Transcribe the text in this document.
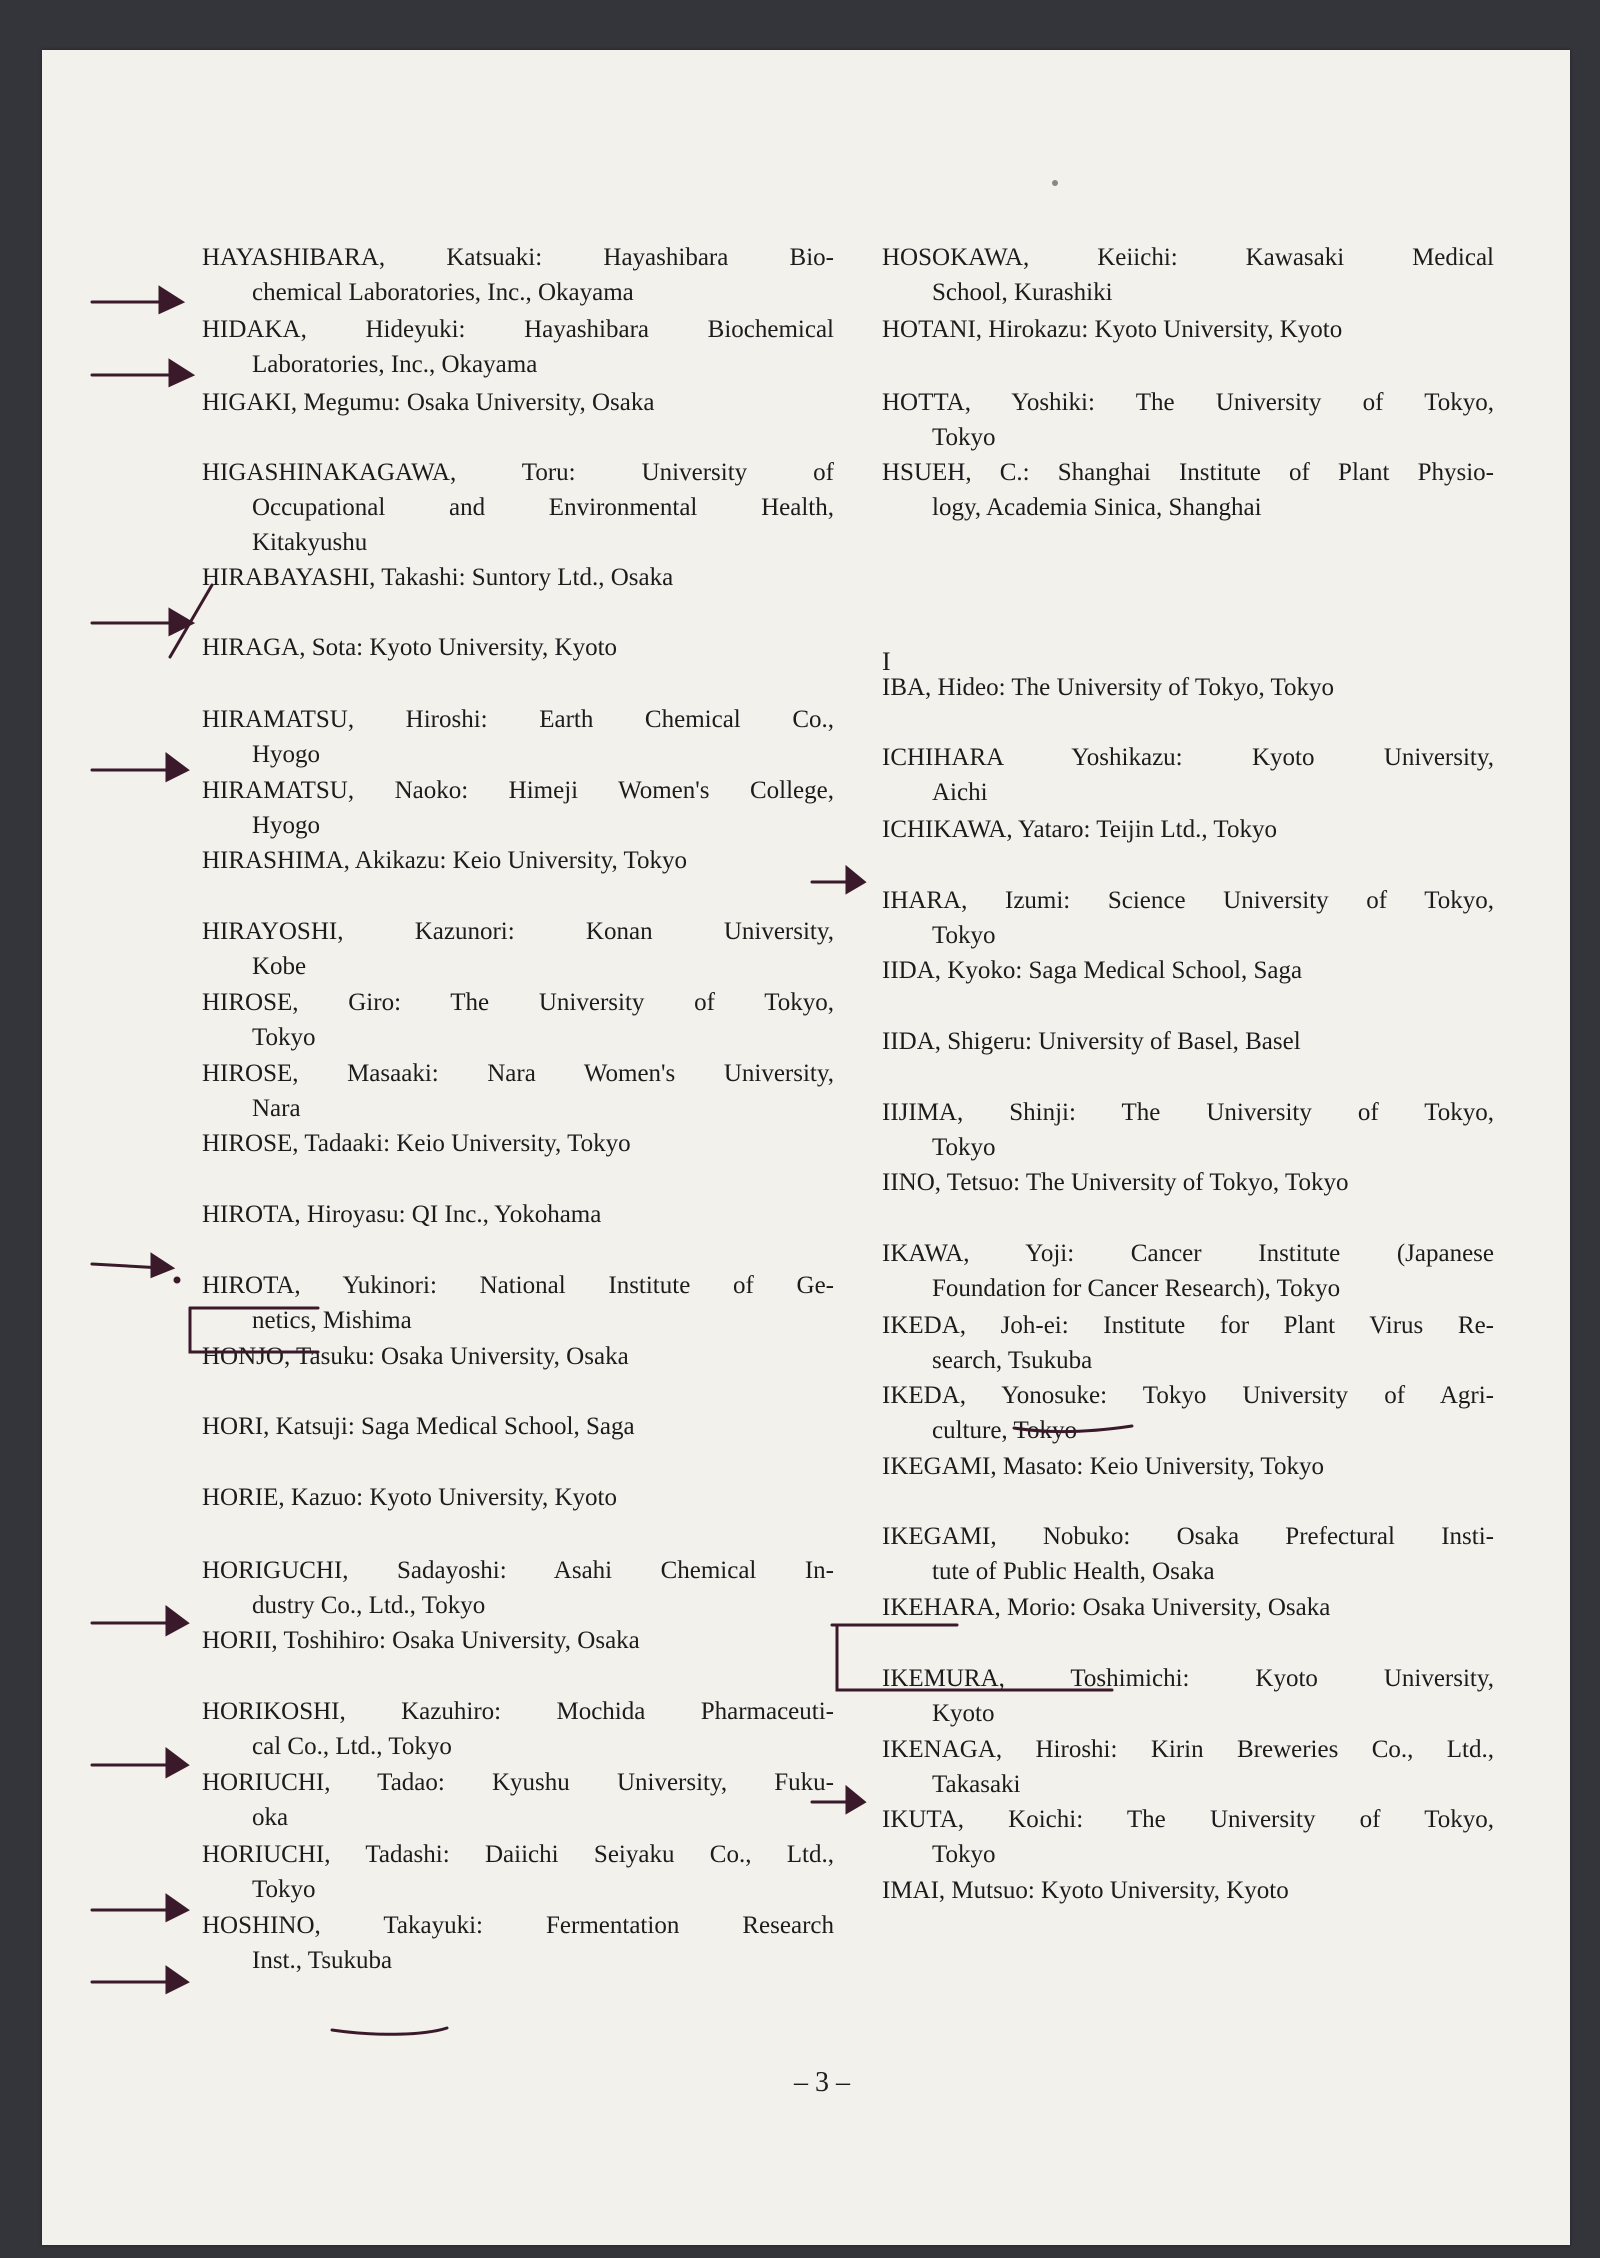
HAYASHIBARA, Katsuaki: Hayashibara Bio-
chemical Laboratories, Inc., Okayama
HIDAKA, Hideyuki: Hayashibara Biochemical
Laboratories, Inc., Okayama
HIGAKI, Megumu: Osaka University, Osaka
HIGASHINAKAGAWA, Toru: University of
Occupational and Environmental Health,
Kitakyushu
HIRABAYASHI, Takashi: Suntory Ltd., Osaka
HIRAGA, Sota: Kyoto University, Kyoto
HIRAMATSU, Hiroshi: Earth Chemical Co.,
Hyogo
HIRAMATSU, Naoko: Himeji Women's College,
Hyogo
HIRASHIMA, Akikazu: Keio University, Tokyo
HIRAYOSHI, Kazunori: Konan University,
Kobe
HIROSE, Giro: The University of Tokyo,
Tokyo
HIROSE, Masaaki: Nara Women's University,
Nara
HIROSE, Tadaaki: Keio University, Tokyo
HIROTA, Hiroyasu: QI Inc., Yokohama
HIROTA, Yukinori: National Institute of Ge-
netics, Mishima
HONJO, Tasuku: Osaka University, Osaka
HORI, Katsuji: Saga Medical School, Saga
HORIE, Kazuo: Kyoto University, Kyoto
HORIGUCHI, Sadayoshi: Asahi Chemical In-
dustry Co., Ltd., Tokyo
HORII, Toshihiro: Osaka University, Osaka
HORIKOSHI, Kazuhiro: Mochida Pharmaceuti-
cal Co., Ltd., Tokyo
HORIUCHI, Tadao: Kyushu University, Fuku-
oka
HORIUCHI, Tadashi: Daiichi Seiyaku Co., Ltd.,
Tokyo
HOSHINO, Takayuki: Fermentation Research
Inst., Tsukuba
I
HOSOKAWA, Keiichi: Kawasaki Medical
School, Kurashiki
HOTANI, Hirokazu: Kyoto University, Kyoto
HOTTA, Yoshiki: The University of Tokyo,
Tokyo
HSUEH, C.: Shanghai Institute of Plant Physio-
logy, Academia Sinica, Shanghai
IBA, Hideo: The University of Tokyo, Tokyo
ICHIHARA Yoshikazu: Kyoto University,
Aichi
ICHIKAWA, Yataro: Teijin Ltd., Tokyo
IHARA, Izumi: Science University of Tokyo,
Tokyo
IIDA, Kyoko: Saga Medical School, Saga
IIDA, Shigeru: University of Basel, Basel
IIJIMA, Shinji: The University of Tokyo,
Tokyo
IINO, Tetsuo: The University of Tokyo, Tokyo
IKAWA, Yoji: Cancer Institute (Japanese
Foundation for Cancer Research), Tokyo
IKEDA, Joh-ei: Institute for Plant Virus Re-
search, Tsukuba
IKEDA, Yonosuke: Tokyo University of Agri-
culture, Tokyo
IKEGAMI, Masato: Keio University, Tokyo
IKEGAMI, Nobuko: Osaka Prefectural Insti-
tute of Public Health, Osaka
IKEHARA, Morio: Osaka University, Osaka
IKEMURA, Toshimichi: Kyoto University,
Kyoto
IKENAGA, Hiroshi: Kirin Breweries Co., Ltd.,
Takasaki
IKUTA, Koichi: The University of Tokyo,
Tokyo
IMAI, Mutsuo: Kyoto University, Kyoto
– 3 –
